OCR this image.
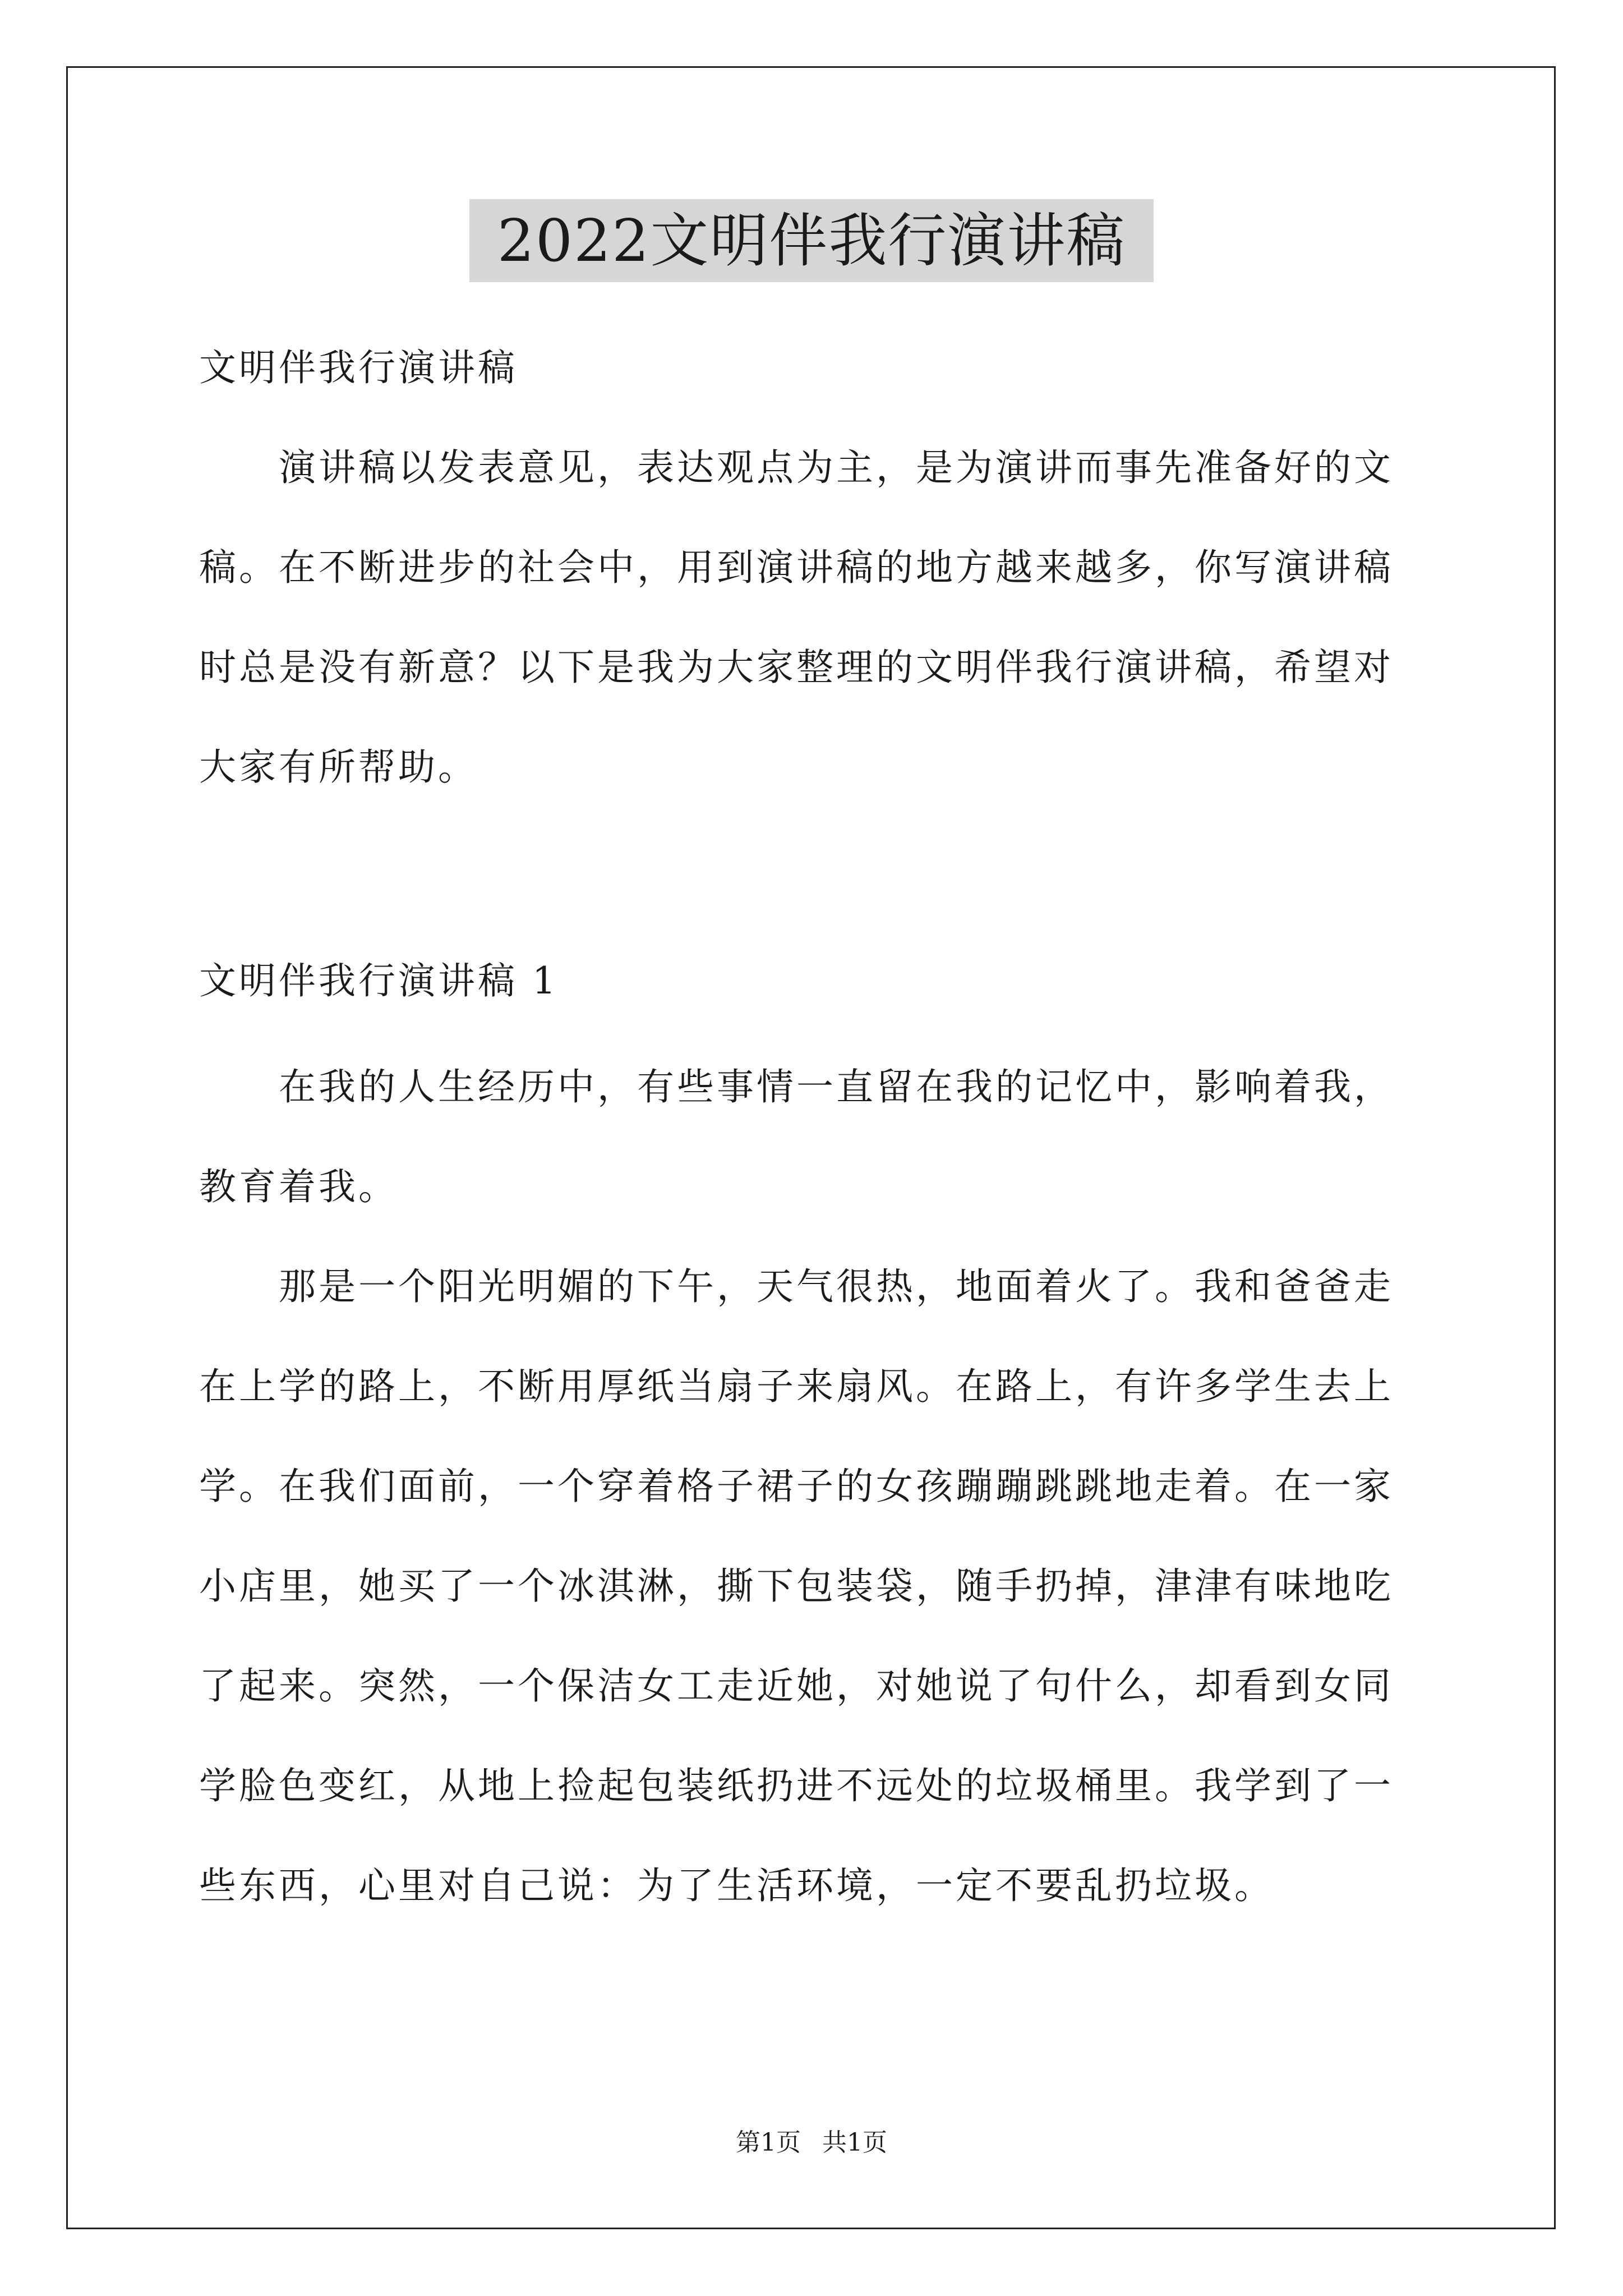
2022文明伴我行演讲稿

文明伴我行演讲稿

　　演讲稿以发表意见，表达观点为主，是为演讲而事先准备好的文

稿。在不断进步的社会中，用到演讲稿的地方越来越多，你写演讲稿

时总是没有新意？以下是我为大家整理的文明伴我行演讲稿，希望对

大家有所帮助。

文明伴我行演讲稿 1

　　在我的人生经历中，有些事情一直留在我的记忆中，影响着我，

教育着我。

　　那是一个阳光明媚的下午，天气很热，地面着火了。我和爸爸走

在上学的路上，不断用厚纸当扇子来扇风。在路上，有许多学生去上

学。在我们面前，一个穿着格子裙子的女孩蹦蹦跳跳地走着。在一家

小店里，她买了一个冰淇淋，撕下包装袋，随手扔掉，津津有味地吃

了起来。突然，一个保洁女工走近她，对她说了句什么，却看到女同

学脸色变红，从地上捡起包装纸扔进不远处的垃圾桶里。我学到了一

些东西，心里对自己说：为了生活环境，一定不要乱扔垃圾。

第1页 共1页
